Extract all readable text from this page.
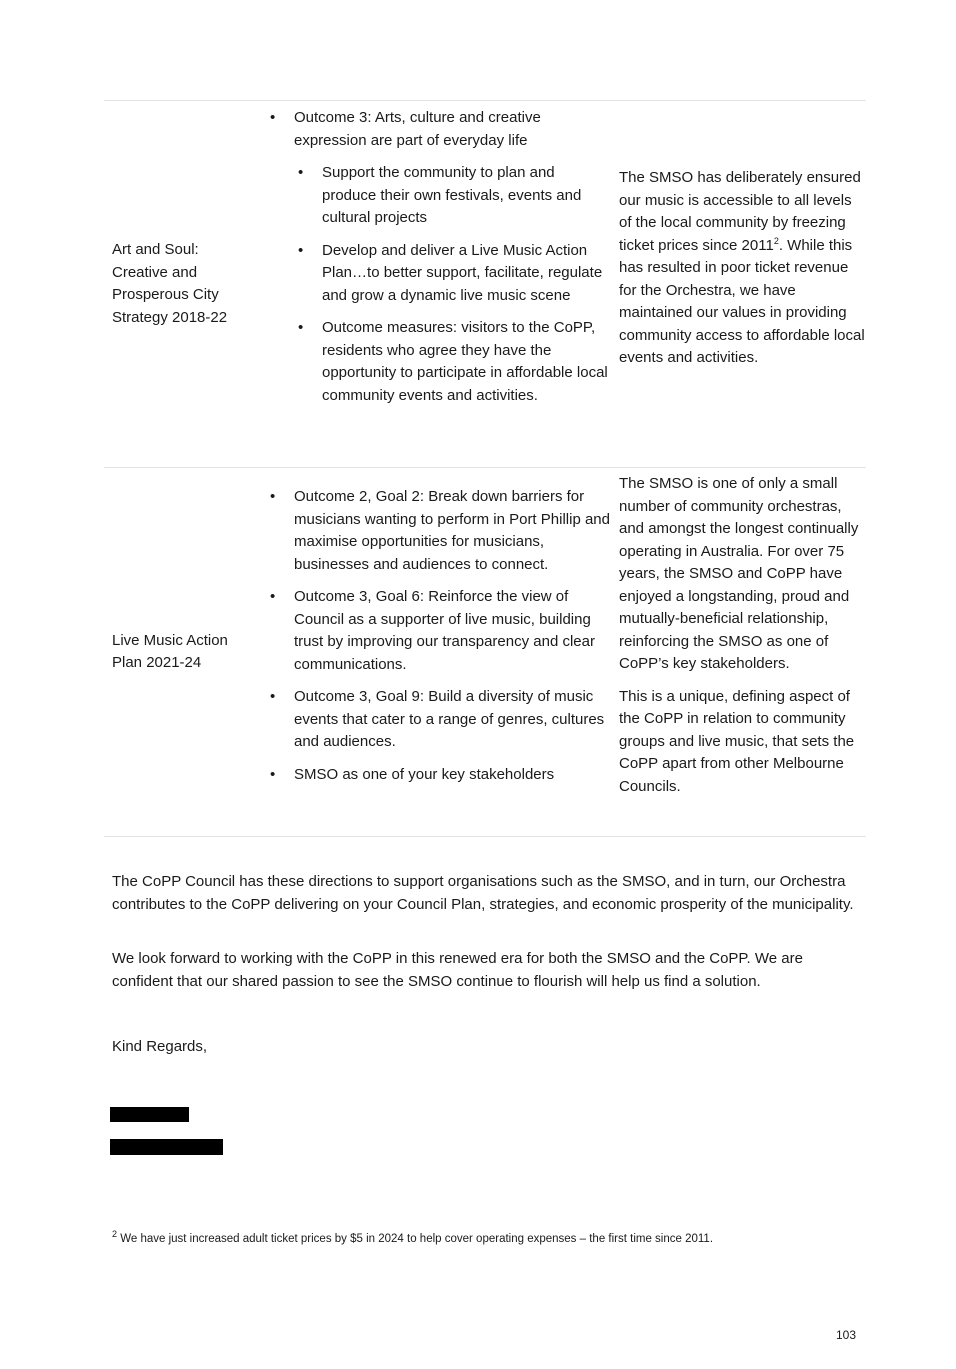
Art and Soul: Creative and Prosperous City Strategy 2018-22
• Outcome 3: Arts, culture and creative expression are part of everyday life
• Support the community to plan and produce their own festivals, events and cultural projects
• Develop and deliver a Live Music Action Plan…to better support, facilitate, regulate and grow a dynamic live music scene
• Outcome measures: visitors to the CoPP, residents who agree they have the opportunity to participate in affordable local community events and activities.

The SMSO has deliberately ensured our music is accessible to all levels of the local community by freezing ticket prices since 2011$^2$. While this has resulted in poor ticket revenue for the Orchestra, we have maintained our values in providing community access to affordable local events and activities.

Live Music Action Plan 2021-24
• Outcome 2, Goal 2: Break down barriers for musicians wanting to perform in Port Phillip and maximise opportunities for musicians, businesses and audiences to connect.
• Outcome 3, Goal 6: Reinforce the view of Council as a supporter of live music, building trust by improving our transparency and clear communications.
• Outcome 3, Goal 9: Build a diversity of music events that cater to a range of genres, cultures and audiences.
• SMSO as one of your key stakeholders

The SMSO is one of only a small number of community orchestras, and amongst the longest continually operating in Australia. For over 75 years, the SMSO and CoPP have enjoyed a longstanding, proud and mutually-beneficial relationship, reinforcing the SMSO as one of CoPP’s key stakeholders.

This is a unique, defining aspect of the CoPP in relation to community groups and live music, that sets the CoPP apart from other Melbourne Councils.

The CoPP Council has these directions to support organisations such as the SMSO, and in turn, our Orchestra contributes to the CoPP delivering on your Council Plan, strategies, and economic prosperity of the municipality.

We look forward to working with the CoPP in this renewed era for both the SMSO and the CoPP. We are confident that our shared passion to see the SMSO continue to flourish will help us find a solution.

Kind Regards,

$^2$ We have just increased adult ticket prices by $5 in 2024 to help cover operating expenses – the first time since 2011.

103
